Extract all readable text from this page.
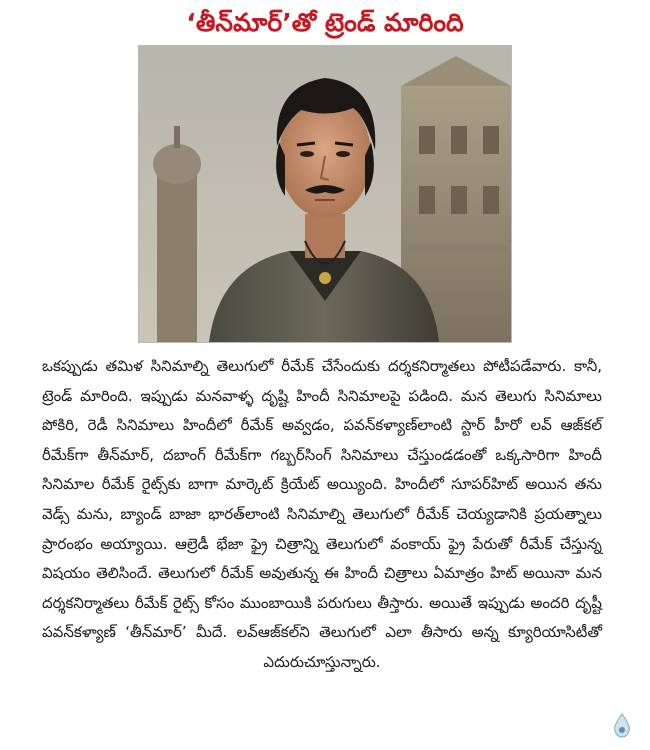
‘తీన్‌మార్‌’తో ట్రెండ్‌ మారింది

ఒకప్పుడు తమిళ సినిమాల్ని తెలుగులో రీమేక్‌ చేసేందుకు దర్శకనిర్మాతలు పోటీపడేవారు. కానీ, ట్రెండ్‌ మారింది. ఇప్పుడు మనవాళ్ళ దృష్టి హిందీ సినిమాలపై పడింది. మన తెలుగు సినిమాలు పోకిరి, రెడీ సినిమాలు హిందీలో రీమేక్‌ అవ్వడం, పవన్‌కళ్యాణ్‌లాంటి స్టార్‌ హీరో లవ్‌ ఆజ్‌కల్‌ రీమేక్‌గా తీన్‌మార్‌, దబాంగ్‌ రీమేక్‌గా గబ్బర్‌సింగ్‌ సినిమాలు చేస్తుండడంతో ఒక్కసారిగా హిందీ సినిమాల రీమేక్‌ రైట్స్‌కు బాగా మార్కెట్‌ క్రియేట్‌ అయ్యింది. హిందీలో సూపర్‌హిట్‌ అయిన తను వెడ్స్‌ మను, బ్యాండ్‌ బాజా భారత్‌లాంటి సినిమాల్ని తెలుగులో రీమేక్‌ చెయ్యడానికి ప్రయత్నాలు ప్రారంభం అయ్యాయి. ఆల్రెడీ భేజా ఫ్రై చిత్రాన్ని తెలుగులో వంకాయ్‌ ఫ్రై పేరుతో రీమేక్‌ చేస్తున్న విషయం తెలిసిందే. తెలుగులో రీమేక్‌ అవుతున్న ఈ హిందీ చిత్రాలు ఏమాత్రం హిట్‌ అయినా మన దర్శకనిర్మాతలు రీమేక్‌ రైట్స్‌ కోసం ముంబాయికి పరుగులు తీస్తారు. అయితే ఇప్పుడు అందరి దృష్టీ పవన్‌కళ్యాణ్‌ ‘తీన్‌మార్‌’ మీదే. లవ్‌ఆజ్‌కల్‌ని తెలుగులో ఎలా తీసారు అన్న క్యూరియాసిటీతో ఎదురుచూస్తున్నారు.
